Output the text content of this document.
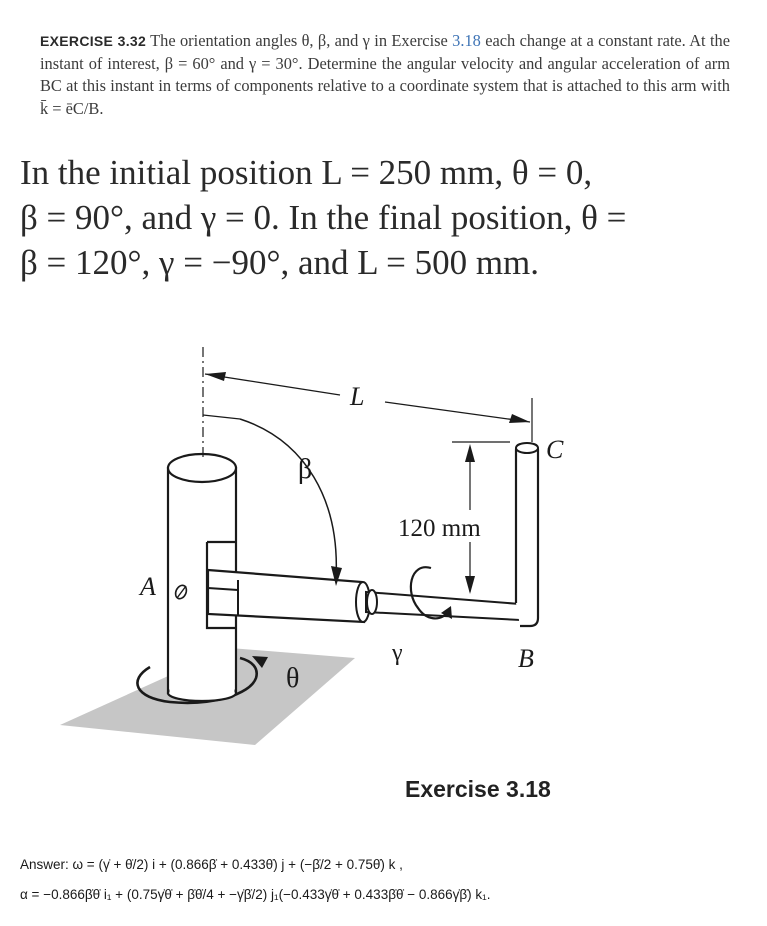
EXERCISE 3.32 The orientation angles θ, β, and γ in Exercise 3.18 each change at a constant rate. At the instant of interest, β = 60° and γ = 30°. Determine the angular velocity and angular acceleration of arm BC at this instant in terms of components relative to a coordinate system that is attached to this arm with k̄ = ēC/B.
In the initial position L = 250 mm, θ = 0,
β = 90°, and γ = 0. In the final position, θ =
β = 120°, γ = −90°, and L = 500 mm.
L
β
C
120 mm
A
γ	B
θ
Exercise 3.18
Answer: ω = (γ̇ + θ̇/2) i + (0.866β̇ + 0.433θ̇) j + (−β̇/2 + 0.75θ̇) k ,
α = −0.866β̇θ̇ i₁ + (0.75γ̇θ̇ + β̇θ̇/4 + −γ̇β̇/2) j₁(−0.433γ̇θ̇ + 0.433β̇θ̇ − 0.866γ̇β̇) k₁.
